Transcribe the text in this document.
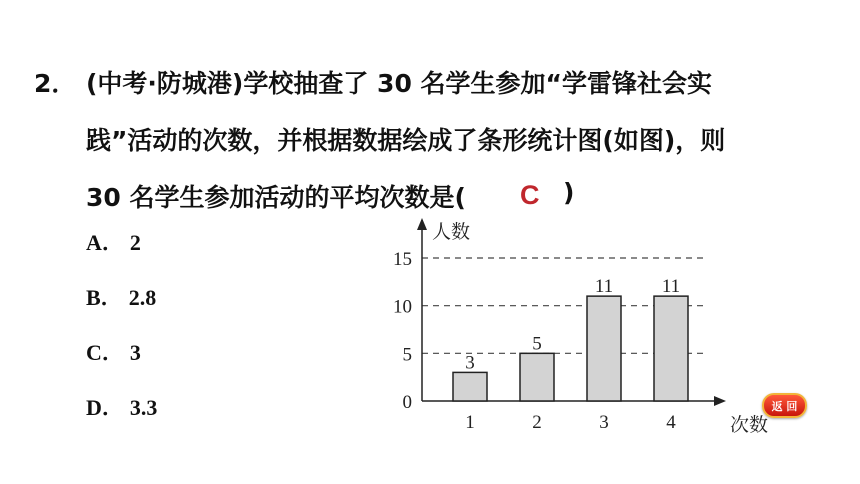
2． (中考·防城港)学校抽查了 30 名学生参加“学雷锋社会实
践”活动的次数，并根据数据绘成了条形统计图(如图)，则
30 名学生参加活动的平均次数是( C )
A． 2
B． 2.8
C． 3
D． 3.3	0
5
10
15
人数
次数
3
1
5
2
11
3
11
4
返 回
